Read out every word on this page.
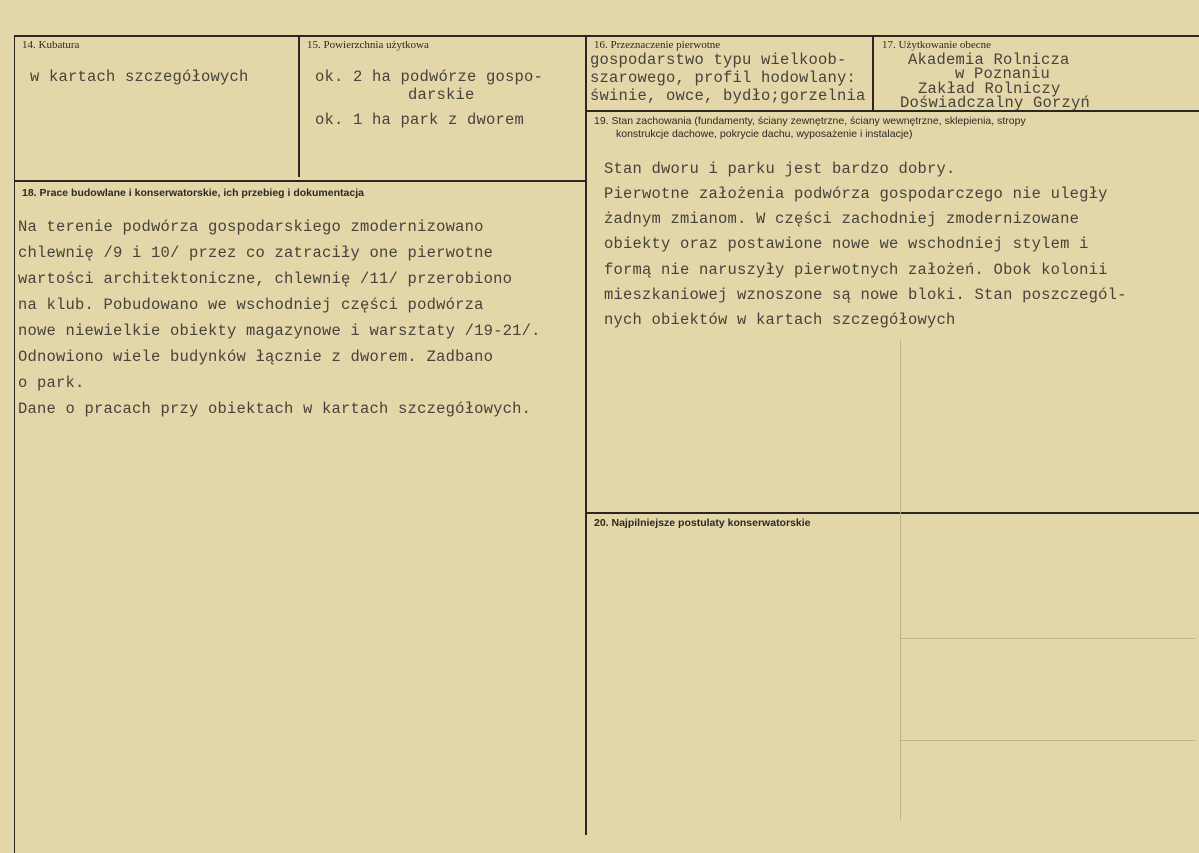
14. Kubatura
w kartach szczegółowych
15. Powierzchnia użytkowa
ok. 2 ha podwórze gospo-
darskie
ok. 1 ha park z dworem
16. Przeznaczenie pierwotne
gospodarstwo typu wielkoob-
szarowego, profil hodowlany:
świnie, owce, bydło;gorzelnia
17. Użytkowanie obecne
Akademia Rolnicza
w Poznaniu
Zakład Rolniczy
Doświadczalny Gorzyń
18. Prace budowlane i konserwatorskie, ich przebieg i dokumentacja
Na terenie podwórza gospodarskiego zmodernizowano
chlewnię /9 i 10/ przez co zatraciły one pierwotne
wartości architektoniczne, chlewnię /11/ przerobiono
na klub. Pobudowano we wschodniej części podwórza
nowe niewielkie obiekty magazynowe i warsztaty /19-21/.
Odnowiono wiele budynków łącznie z dworem. Zadbano
o park.
Dane o pracach przy obiektach w kartach szczegółowych.
19. Stan zachowania (fundamenty, ściany zewnętrzne, ściany wewnętrzne, sklepienia, stropy
konstrukcje dachowe, pokrycie dachu, wyposażenie i instalacje)
Stan dworu i parku jest bardzo dobry.
Pierwotne założenia podwórza gospodarczego nie uległy
żadnym zmianom. W części zachodniej zmodernizowane
obiekty oraz postawione nowe we wschodniej stylem i
formą nie naruszyły pierwotnych założeń. Obok kolonii
mieszkaniowej wznoszone są nowe bloki. Stan poszczegól-
nych obiektów w kartach szczegółowych
20. Najpilniejsze postulaty konserwatorskie
